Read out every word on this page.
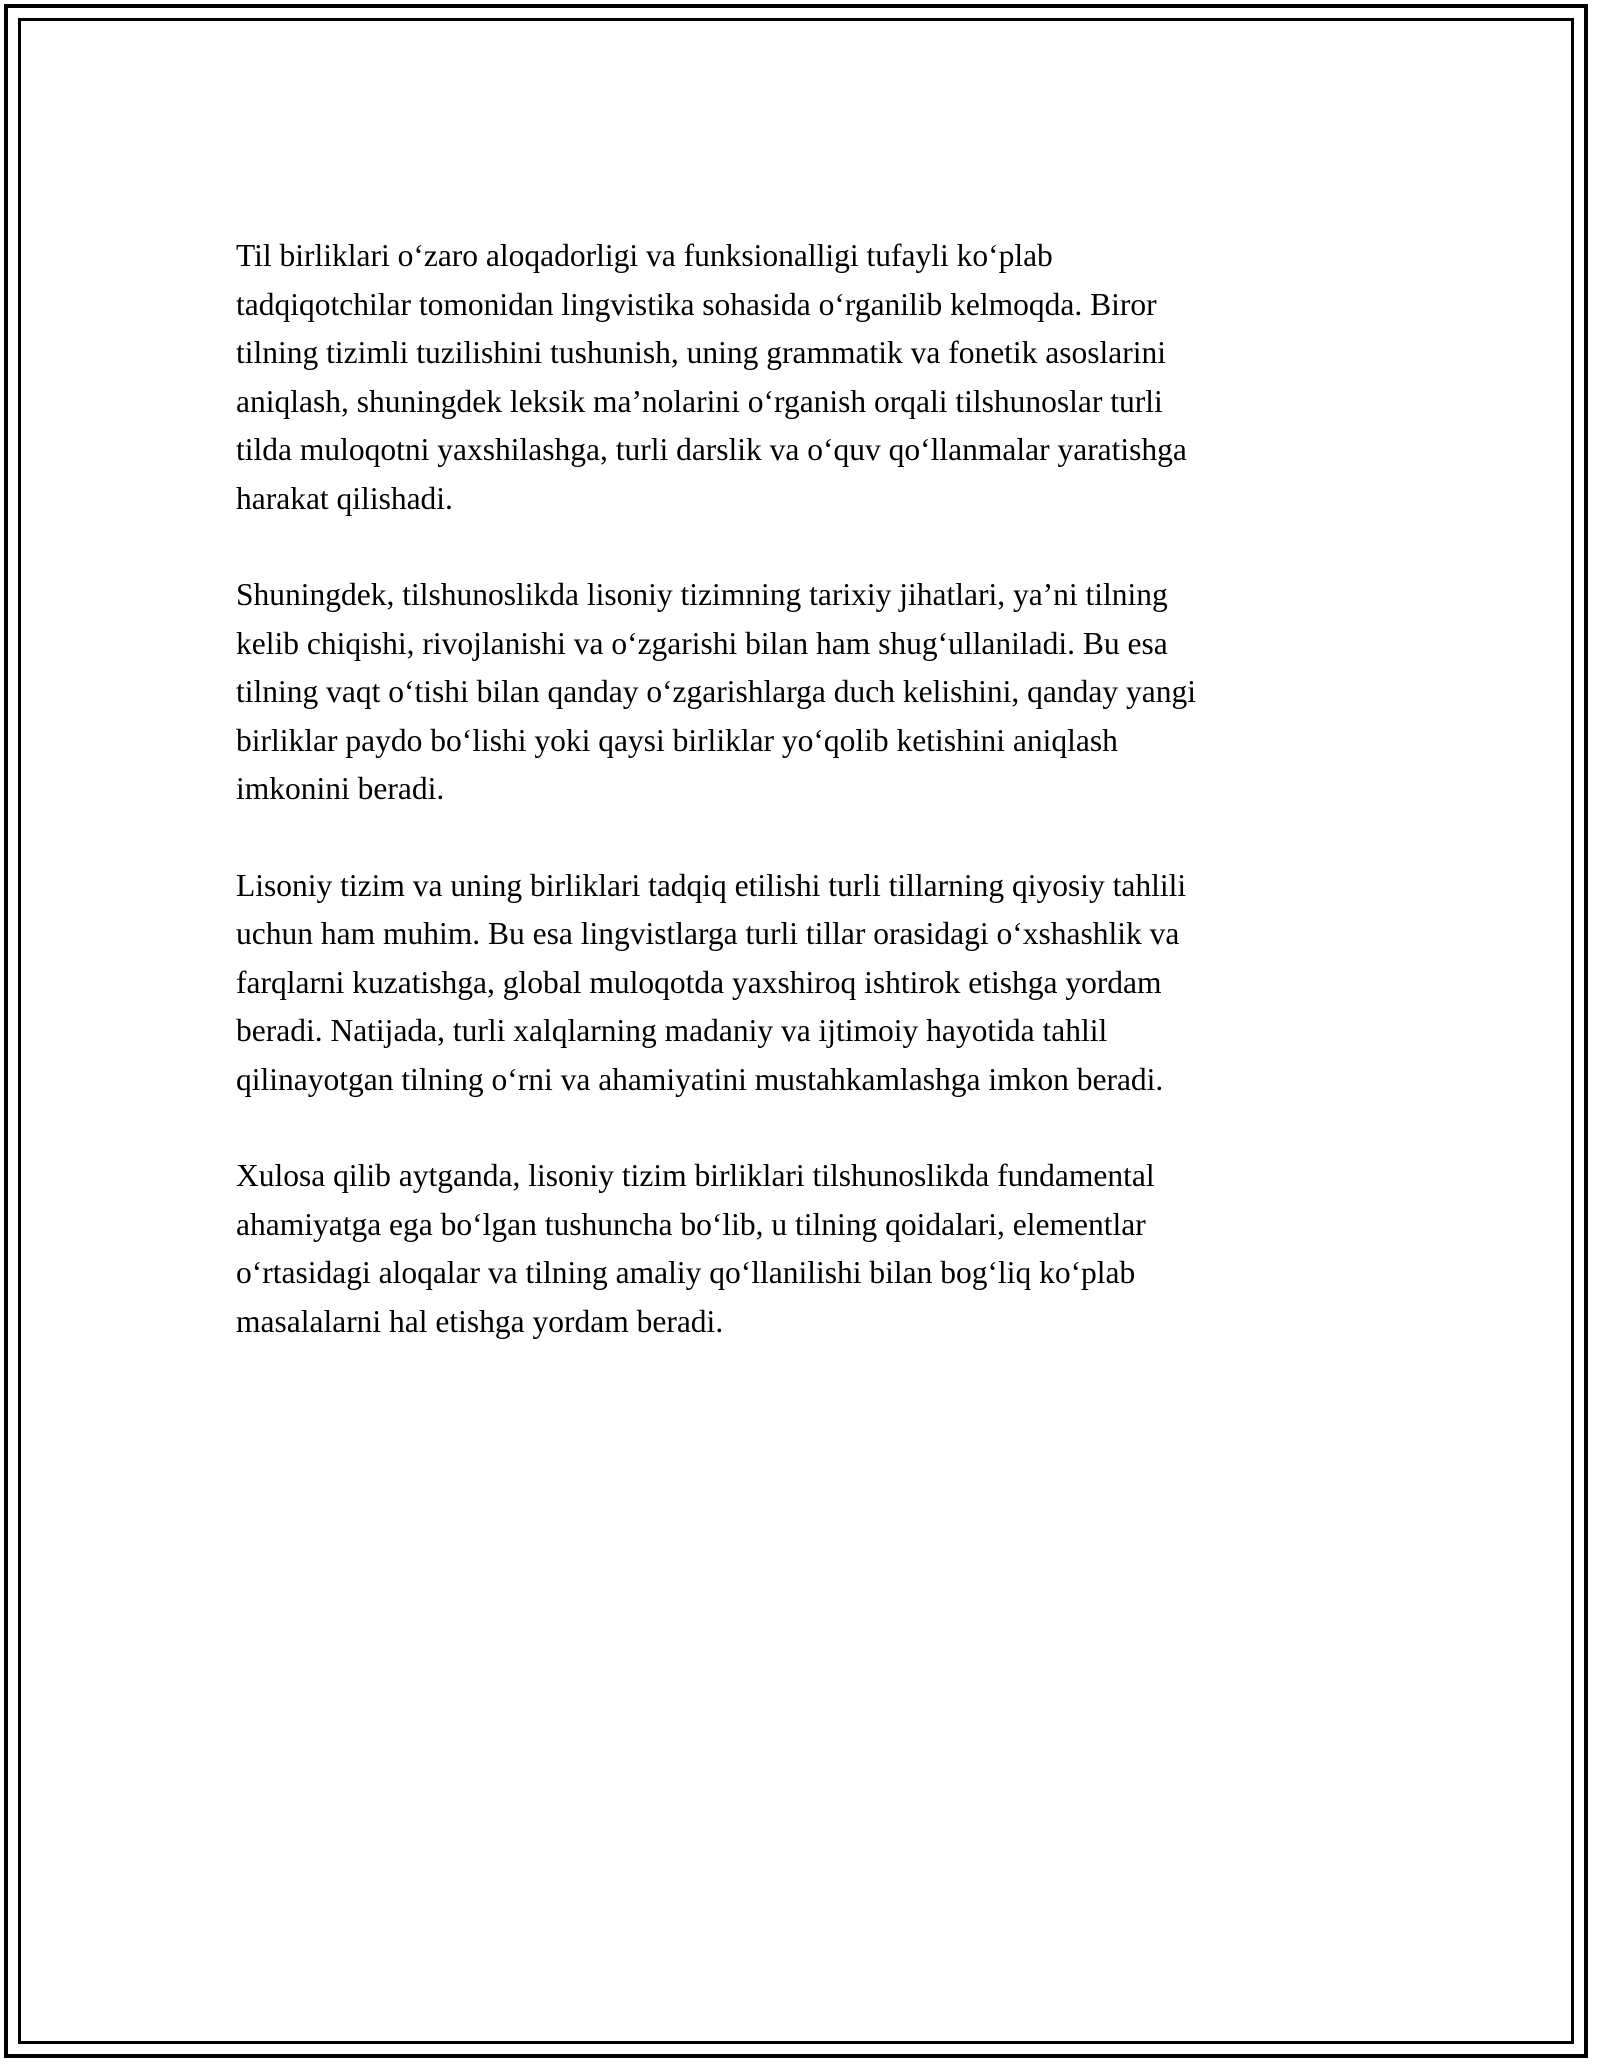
Til birliklari o‘zaro aloqadorligi va funksionalligi tufayli ko‘plab
tadqiqotchilar tomonidan lingvistika sohasida o‘rganilib kelmoqda. Biror
tilning tizimli tuzilishini tushunish, uning grammatik va fonetik asoslarini
aniqlash, shuningdek leksik ma’nolarini o‘rganish orqali tilshunoslar turli
tilda muloqotni yaxshilashga, turli darslik va o‘quv qo‘llanmalar yaratishga
harakat qilishadi.

Shuningdek, tilshunoslikda lisoniy tizimning tarixiy jihatlari, ya’ni tilning
kelib chiqishi, rivojlanishi va o‘zgarishi bilan ham shug‘ullaniladi. Bu esa
tilning vaqt o‘tishi bilan qanday o‘zgarishlarga duch kelishini, qanday yangi
birliklar paydo bo‘lishi yoki qaysi birliklar yo‘qolib ketishini aniqlash
imkonini beradi.

Lisoniy tizim va uning birliklari tadqiq etilishi turli tillarning qiyosiy tahlili
uchun ham muhim. Bu esa lingvistlarga turli tillar orasidagi o‘xshashlik va
farqlarni kuzatishga, global muloqotda yaxshiroq ishtirok etishga yordam
beradi. Natijada, turli xalqlarning madaniy va ijtimoiy hayotida tahlil
qilinayotgan tilning o‘rni va ahamiyatini mustahkamlashga imkon beradi.

Xulosa qilib aytganda, lisoniy tizim birliklari tilshunoslikda fundamental
ahamiyatga ega bo‘lgan tushuncha bo‘lib, u tilning qoidalari, elementlar
o‘rtasidagi aloqalar va tilning amaliy qo‘llanilishi bilan bog‘liq ko‘plab
masalalarni hal etishga yordam beradi.
